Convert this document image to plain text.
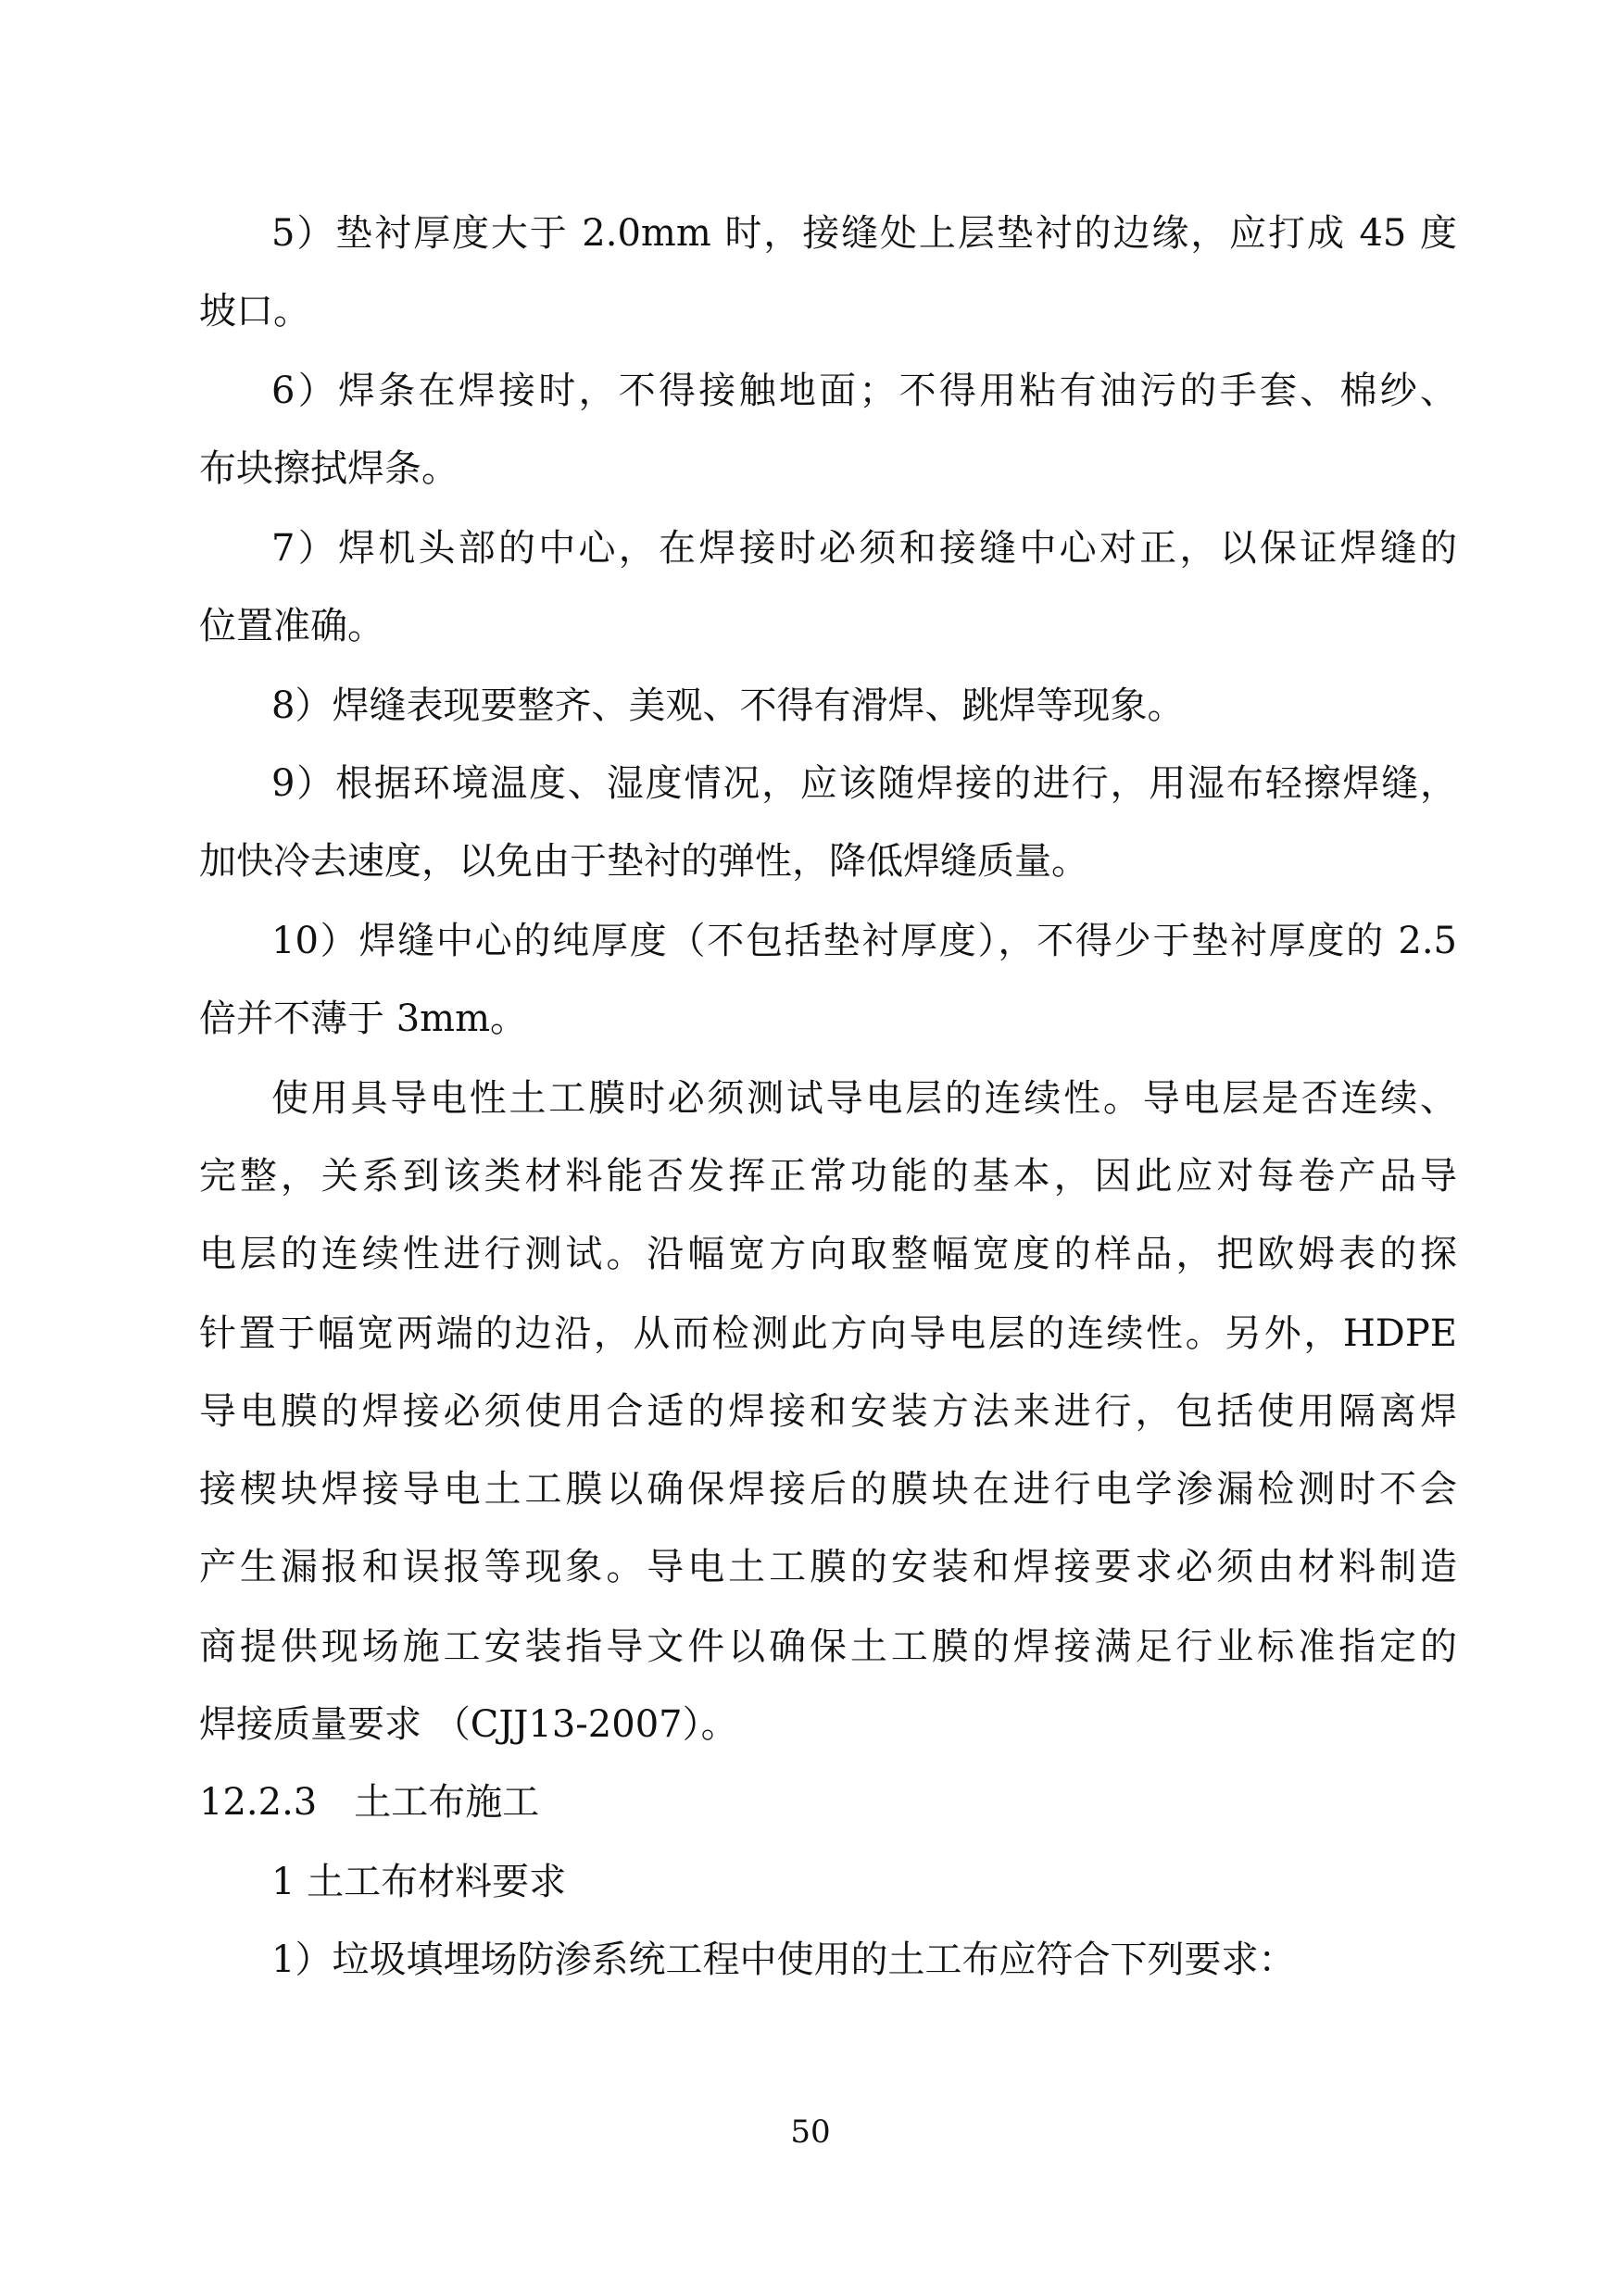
5）垫衬厚度大于 2.0mm 时，接缝处上层垫衬的边缘，应打成 45 度
坡口。
6）焊条在焊接时，不得接触地面；不得用粘有油污的手套、棉纱、
布块擦拭焊条。
7）焊机头部的中心，在焊接时必须和接缝中心对正，以保证焊缝的
位置准确。
8）焊缝表现要整齐、美观、不得有滑焊、跳焊等现象。
9）根据环境温度、湿度情况，应该随焊接的进行，用湿布轻擦焊缝，
加快冷去速度，以免由于垫衬的弹性，降低焊缝质量。
10）焊缝中心的纯厚度（不包括垫衬厚度），不得少于垫衬厚度的 2.5
倍并不薄于 3mm。
使用具导电性土工膜时必须测试导电层的连续性。导电层是否连续、
完整，关系到该类材料能否发挥正常功能的基本，因此应对每卷产品导
电层的连续性进行测试。沿幅宽方向取整幅宽度的样品，把欧姆表的探
针置于幅宽两端的边沿，从而检测此方向导电层的连续性。另外，HDPE
导电膜的焊接必须使用合适的焊接和安装方法来进行，包括使用隔离焊
接楔块焊接导电土工膜以确保焊接后的膜块在进行电学渗漏检测时不会
产生漏报和误报等现象。导电土工膜的安装和焊接要求必须由材料制造
商提供现场施工安装指导文件以确保土工膜的焊接满足行业标准指定的
焊接质量要求 （CJJ13-2007）。
12.2.3　土工布施工
1 土工布材料要求
1）垃圾填埋场防渗系统工程中使用的土工布应符合下列要求：
50
